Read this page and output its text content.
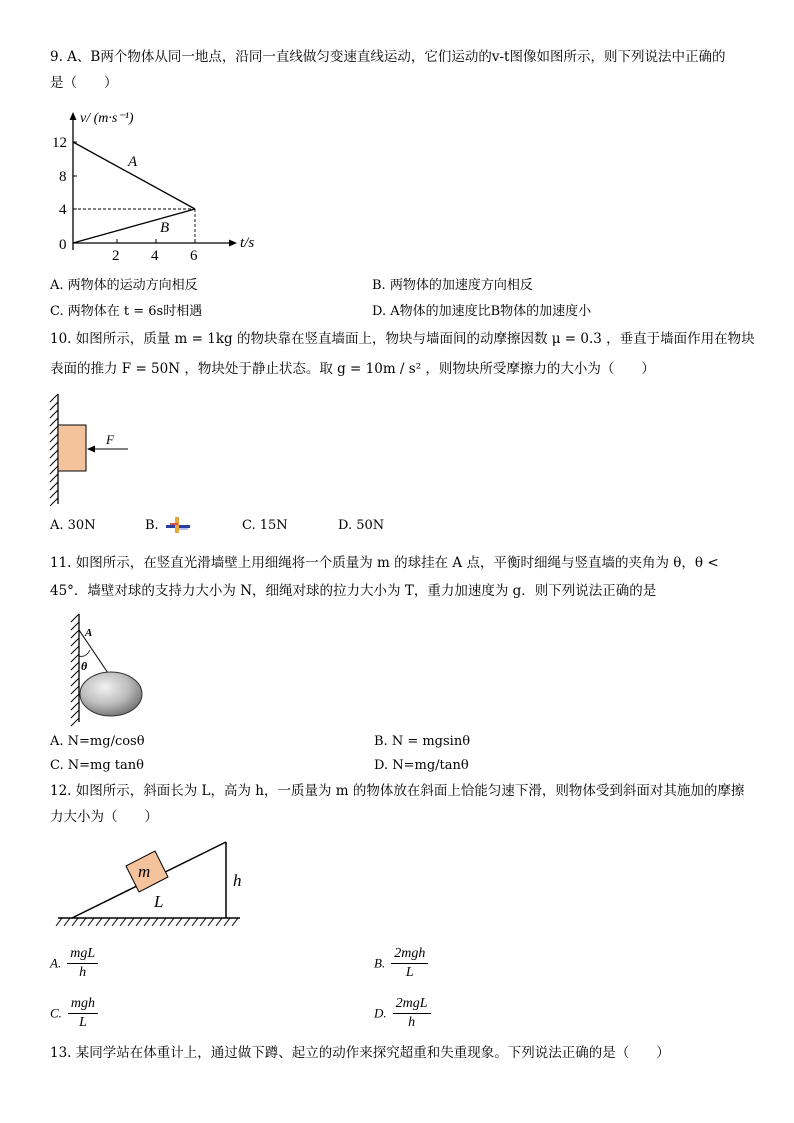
9. A、B两个物体从同一地点，沿同一直线做匀变速直线运动，它们运动的v-t图像如图所示，则下列说法中正确的
是（　　）
v/ (m·s⁻¹)
12
8
4
0
2 4 6
t/s
A
B
A. 两物体的运动方向相反	B. 两物体的加速度方向相反
C. 两物体在 t = 6s时相遇	D. A物体的加速度比B物体的加速度小
10. 如图所示，质量 m = 1kg 的物块靠在竖直墙面上，物块与墙面间的动摩擦因数 μ = 0.3 ，垂直于墙面作用在物块
表面的推力 F = 50N ，物块处于静止状态。取 g = 10m / s² ，则物块所受摩擦力的大小为（　　）
F
A. 30N	B.	C. 15N	D. 50N
11. 如图所示，在竖直光滑墙壁上用细绳将一个质量为 m 的球挂在 A 点，平衡时细绳与竖直墙的夹角为 θ，θ <
45°．墙壁对球的支持力大小为 N，细绳对球的拉力大小为 T，重力加速度为 g．则下列说法正确的是
A
θ
A. N=mg/cosθ	B. N = mgsinθ
C. N=mg tanθ	D. N=mg/tanθ
12. 如图所示，斜面长为 L，高为 h，一质量为 m 的物体放在斜面上恰能匀速下滑，则物体受到斜面对其施加的摩擦
力大小为（　　）
m
L
h
A. $\frac{\text{mgL}}{h}$	B. $\frac{\text{2mgh}}{L}$
C. $\frac{\text{mgh}}{L}$	D. $\frac{\text{2mgL}}{h}$
13. 某同学站在体重计上，通过做下蹲、起立的动作来探究超重和失重现象。下列说法正确的是（　　）
